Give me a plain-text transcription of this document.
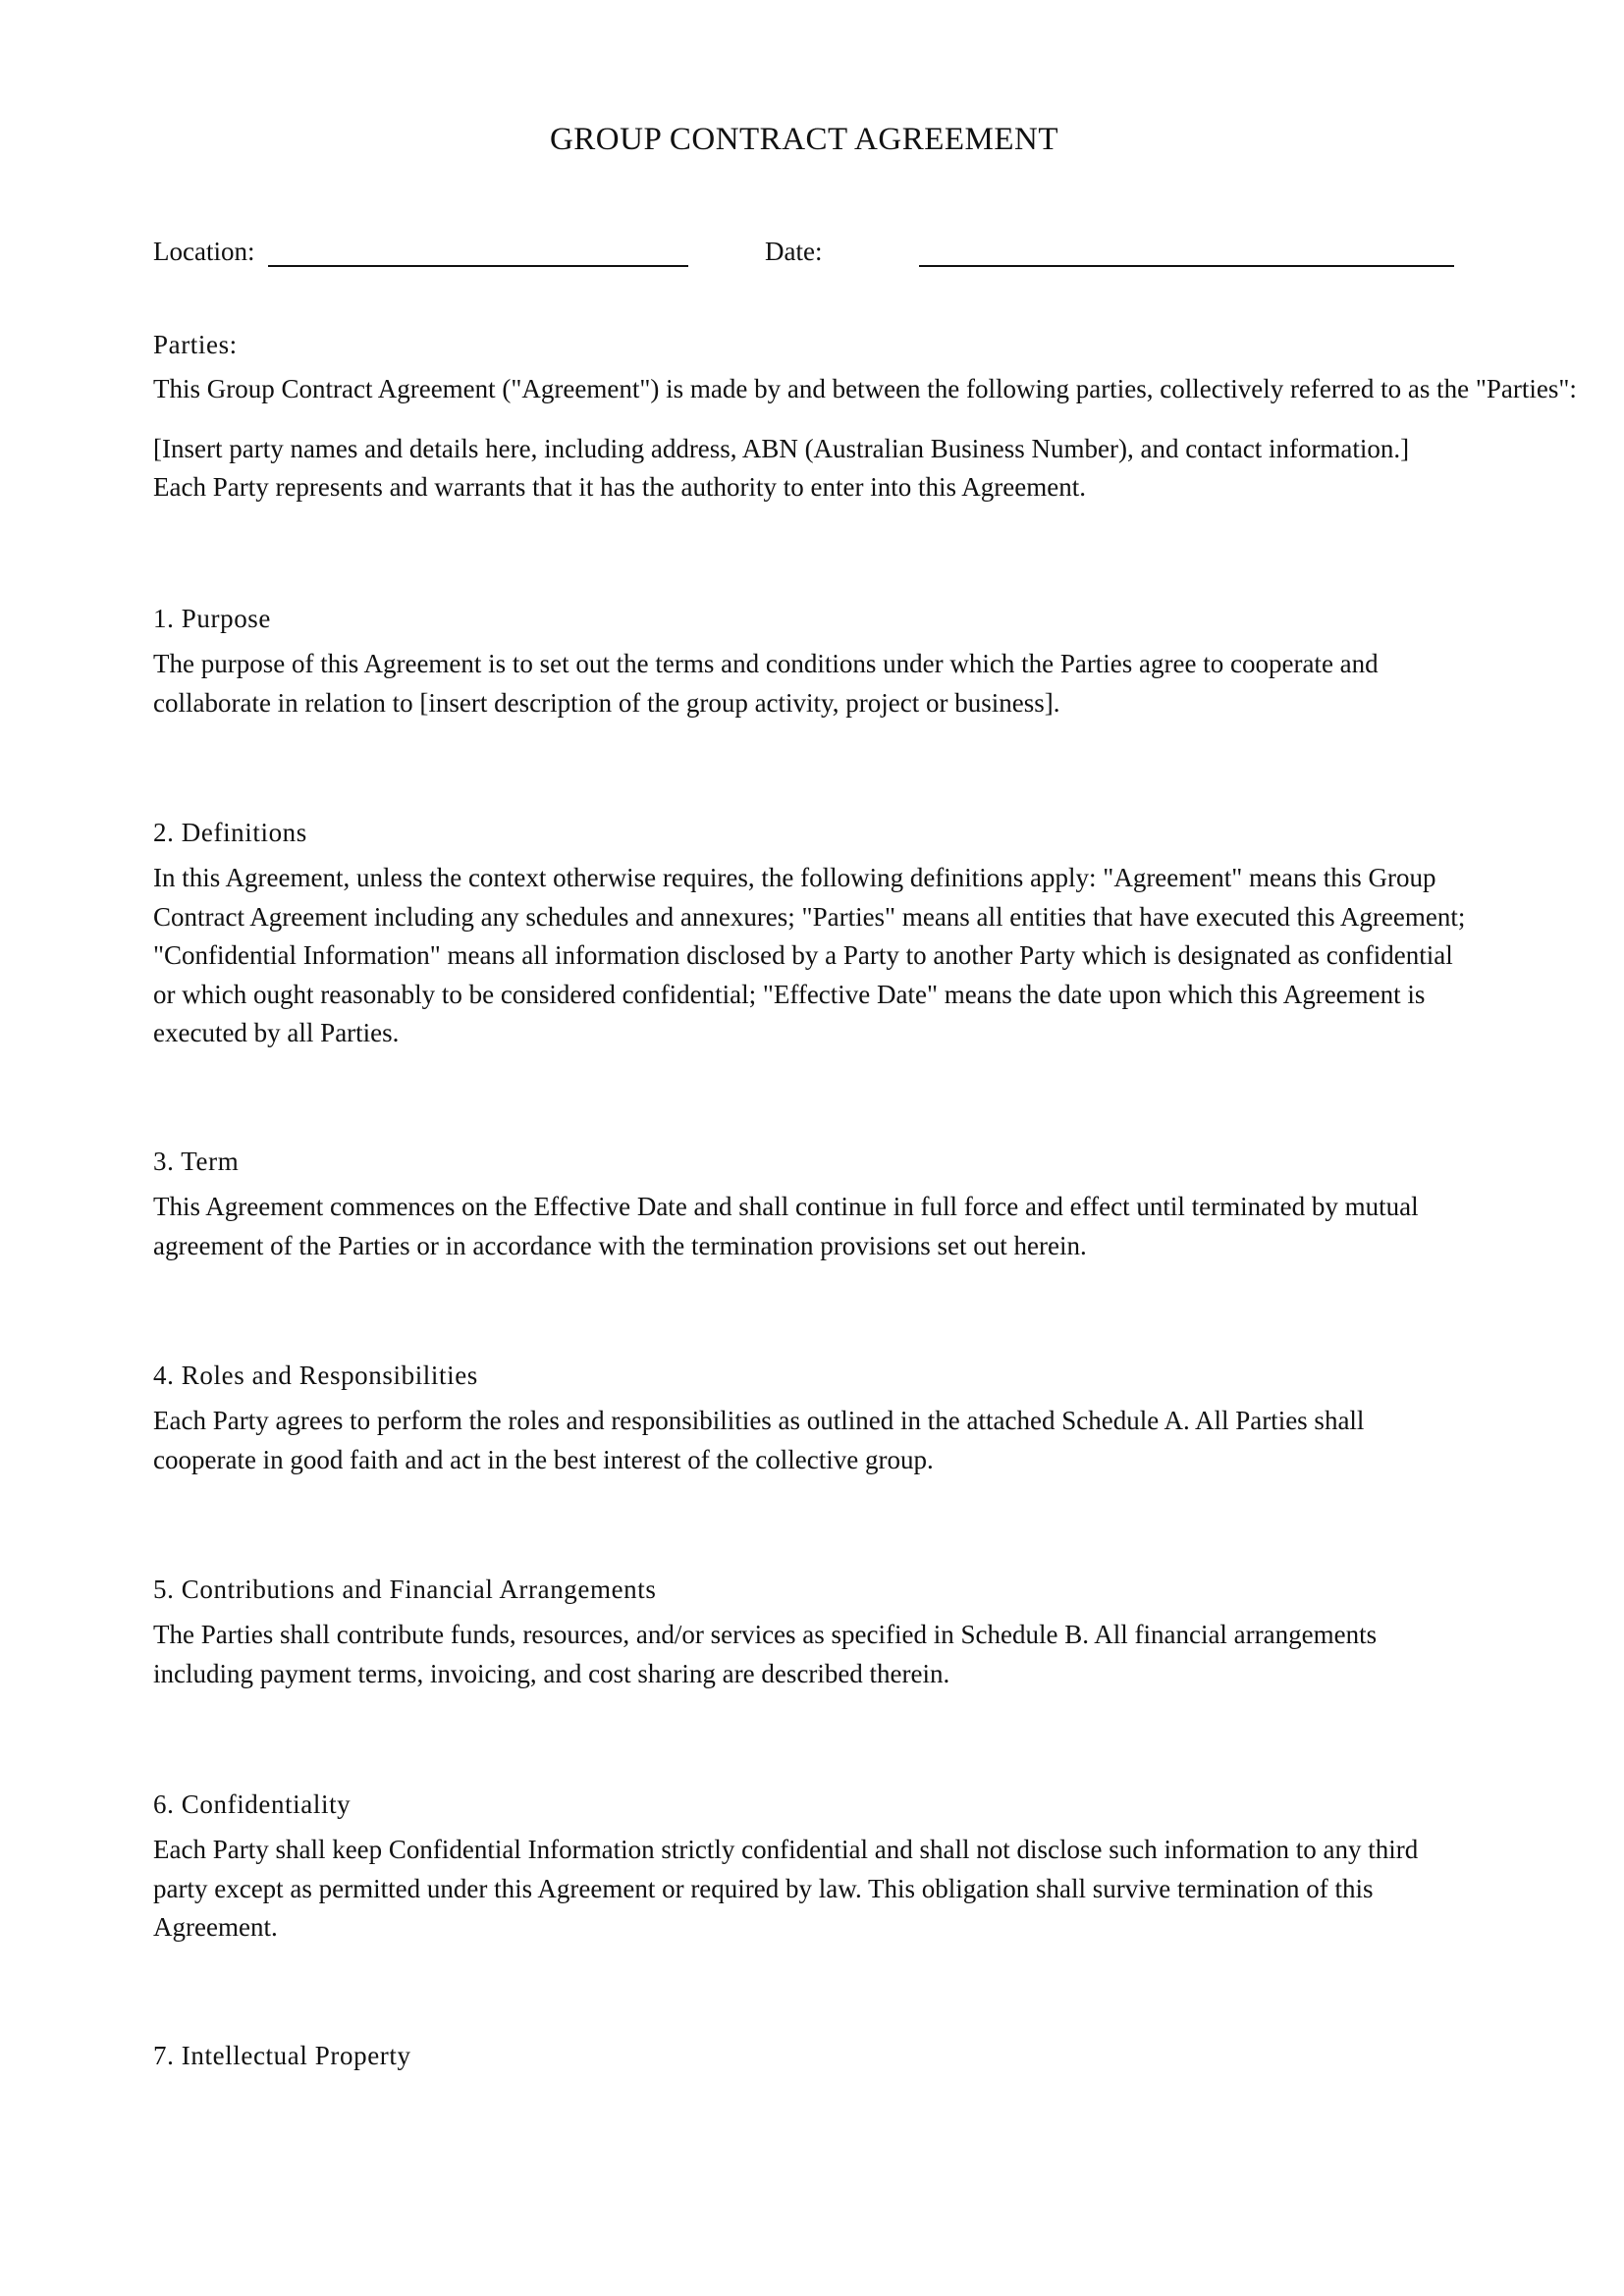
GROUP CONTRACT AGREEMENT
Location:	Date:
Parties:

This Group Contract Agreement ("Agreement") is made by and between the following parties, collectively referred to as the "Parties":

[Insert party names and details here, including address, ABN (Australian Business Number), and contact information.]

Each Party represents and warrants that it has the authority to enter into this Agreement.

1. Purpose

The purpose of this Agreement is to set out the terms and conditions under which the Parties agree to cooperate and collaborate in relation to [insert description of the group activity, project or business].

2. Definitions

In this Agreement, unless the context otherwise requires, the following definitions apply: "Agreement" means this Group Contract Agreement including any schedules and annexures; "Parties" means all entities that have executed this Agreement; "Confidential Information" means all information disclosed by a Party to another Party which is designated as confidential or which ought reasonably to be considered confidential; "Effective Date" means the date upon which this Agreement is executed by all Parties.

3. Term

This Agreement commences on the Effective Date and shall continue in full force and effect until terminated by mutual agreement of the Parties or in accordance with the termination provisions set out herein.

4. Roles and Responsibilities

Each Party agrees to perform the roles and responsibilities as outlined in the attached Schedule A. All Parties shall cooperate in good faith and act in the best interest of the collective group.

5. Contributions and Financial Arrangements

The Parties shall contribute funds, resources, and/or services as specified in Schedule B. All financial arrangements including payment terms, invoicing, and cost sharing are described therein.

6. Confidentiality

Each Party shall keep Confidential Information strictly confidential and shall not disclose such information to any third party except as permitted under this Agreement or required by law. This obligation shall survive termination of this Agreement.

7. Intellectual Property
